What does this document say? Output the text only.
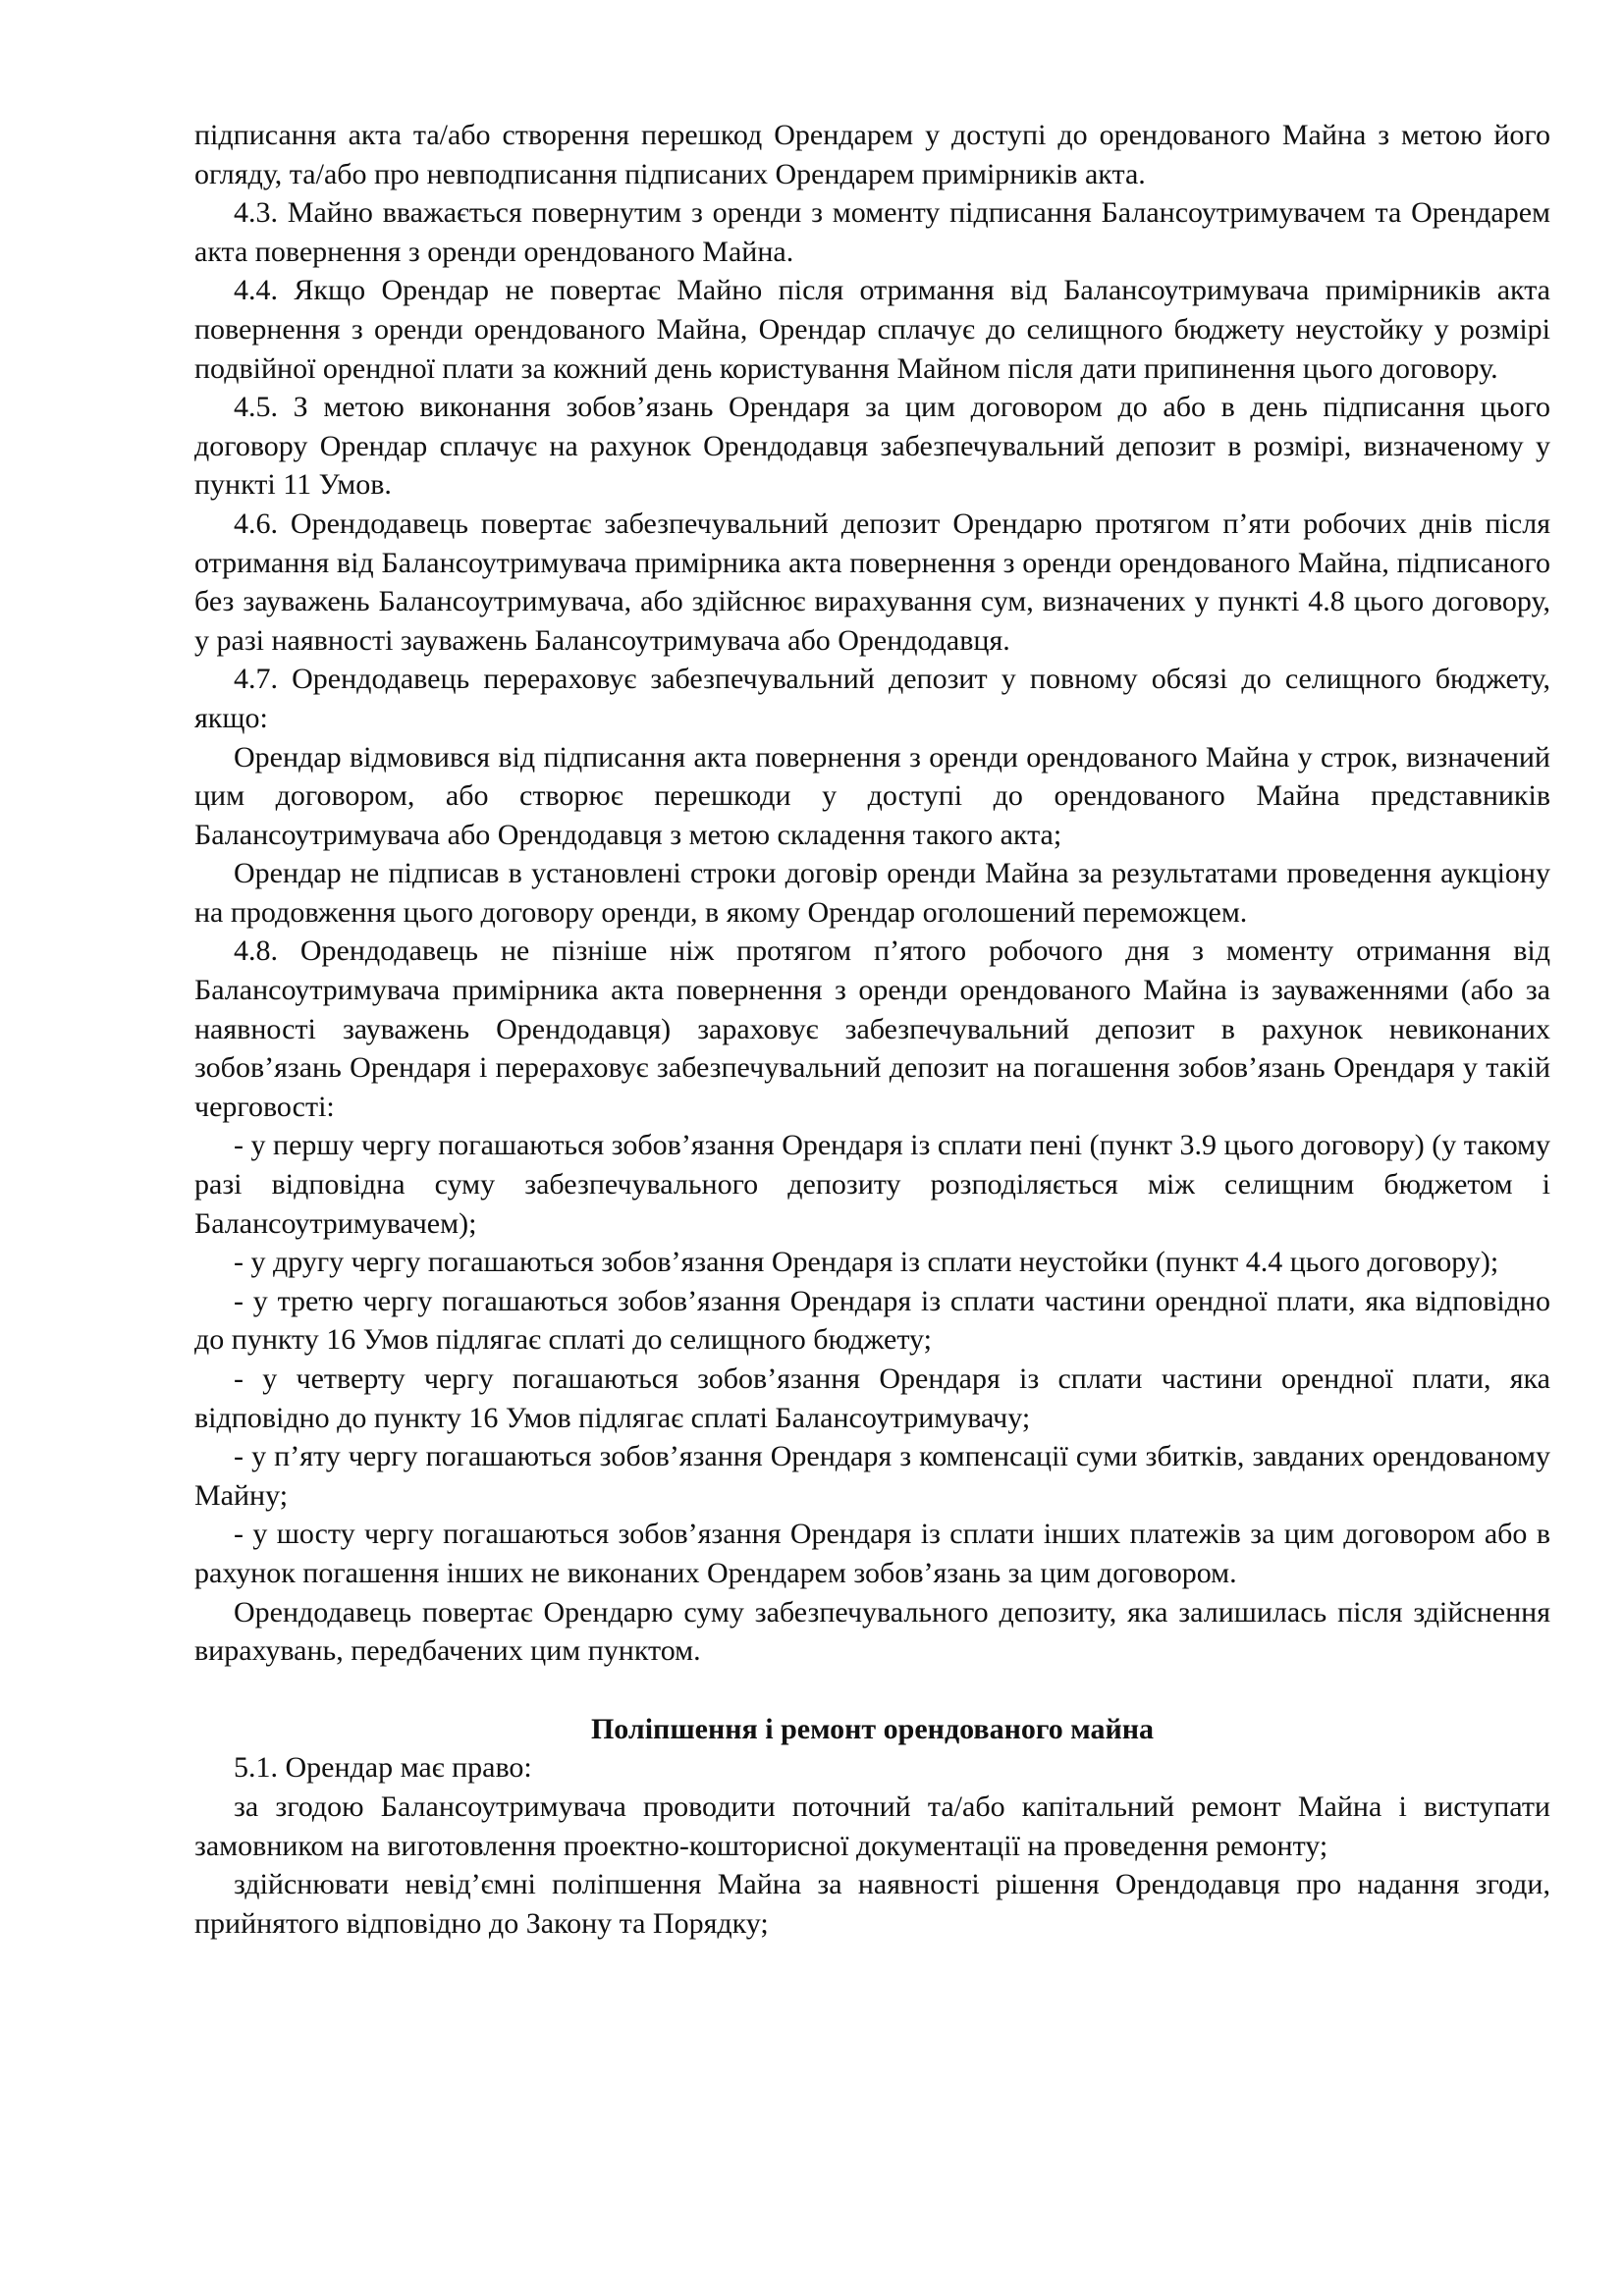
підписання акта та/або створення перешкод Орендарем у доступі до орендованого Майна з метою його огляду, та/або про невподписання підписаних Орендарем примірників акта.

4.3. Майно вважається повернутим з оренди з моменту підписання Балансоутримувачем та Орендарем акта повернення з оренди орендованого Майна.

4.4. Якщо Орендар не повертає Майно після отримання від Балансоутримувача примірників акта повернення з оренди орендованого Майна, Орендар сплачує до селищного бюджету неустойку у розмірі подвійної орендної плати за кожний день користування Майном після дати припинення цього договору.

4.5. З метою виконання зобов’язань Орендаря за цим договором до або в день підписання цього договору Орендар сплачує на рахунок Орендодавця забезпечувальний депозит в розмірі, визначеному у пункті 11 Умов.

4.6. Орендодавець повертає забезпечувальний депозит Орендарю протягом п’яти робочих днів після отримання від Балансоутримувача примірника акта повернення з оренди орендованого Майна, підписаного без зауважень Балансоутримувача, або здійснює вирахування сум, визначених у пункті 4.8 цього договору, у разі наявності зауважень Балансоутримувача або Орендодавця.

4.7. Орендодавець перераховує забезпечувальний депозит у повному обсязі до селищного бюджету, якщо:

Орендар відмовився від підписання акта повернення з оренди орендованого Майна у строк, визначений цим договором, або створює перешкоди у доступі до орендованого Майна представників Балансоутримувача або Орендодавця з метою складення такого акта;

Орендар не підписав в установлені строки договір оренди Майна за результатами проведення аукціону на продовження цього договору оренди, в якому Орендар оголошений переможцем.

4.8. Орендодавець не пізніше ніж протягом п’ятого робочого дня з моменту отримання від Балансоутримувача примірника акта повернення з оренди орендованого Майна із зауваженнями (або за наявності зауважень Орендодавця) зараховує забезпечувальний депозит в рахунок невиконаних зобов’язань Орендаря і перераховує забезпечувальний депозит на погашення зобов’язань Орендаря у такій черговості:

- у першу чергу погашаються зобов’язання Орендаря із сплати пені (пункт 3.9 цього договору) (у такому разі відповідна суму забезпечувального депозиту розподіляється між селищним бюджетом і Балансоутримувачем);

- у другу чергу погашаються зобов’язання Орендаря із сплати неустойки (пункт 4.4 цього договору);

- у третю чергу погашаються зобов’язання Орендаря із сплати частини орендної плати, яка відповідно до пункту 16 Умов підлягає сплаті до селищного бюджету;

- у четверту чергу погашаються зобов’язання Орендаря із сплати частини орендної плати, яка відповідно до пункту 16 Умов підлягає сплаті Балансоутримувачу;

- у п’яту чергу погашаються зобов’язання Орендаря з компенсації суми збитків, завданих орендованому Майну;

- у шосту чергу погашаються зобов’язання Орендаря із сплати інших платежів за цим договором або в рахунок погашення інших не виконаних Орендарем зобов’язань за цим договором.

Орендодавець повертає Орендарю суму забезпечувального депозиту, яка залишилась після здійснення вирахувань, передбачених цим пунктом.

Поліпшення і ремонт орендованого майна

5.1. Орендар має право:

за згодою Балансоутримувача проводити поточний та/або капітальний ремонт Майна і виступати замовником на виготовлення проектно-кошторисної документації на проведення ремонту;

здійснювати невід’ємні поліпшення Майна за наявності рішення Орендодавця про надання згоди, прийнятого відповідно до Закону та Порядку;
